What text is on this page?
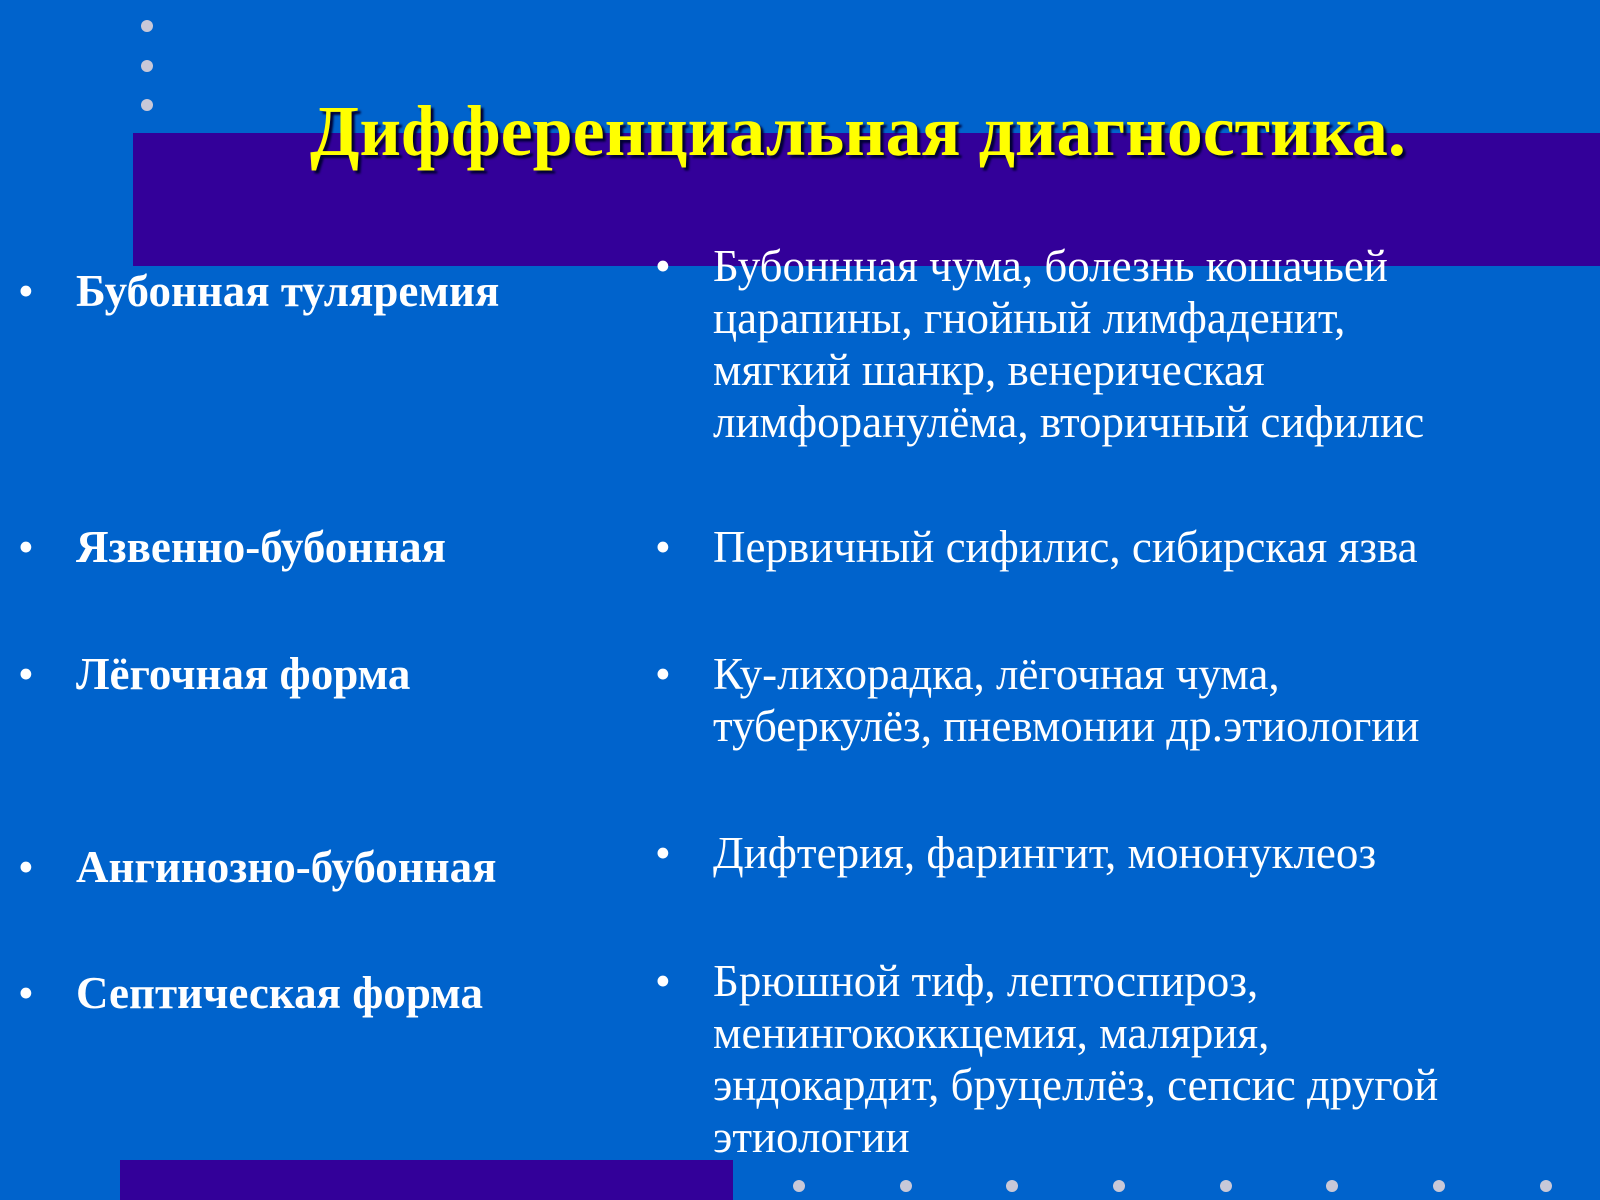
Дифференциальная диагностика.
• Бубонная туляремия
• Язвенно-бубонная
• Лёгочная форма
• Ангинозно-бубонная
• Септическая форма
• Бубоннная чума, болезнь кошачьей
царапины, гнойный лимфаденит,
мягкий шанкр, венерическая
лимфоранулёма, вторичный сифилис
• Первичный сифилис, сибирская язва
• Ку-лихорадка, лёгочная чума,
туберкулёз, пневмонии др.этиологии
• Дифтерия, фарингит, мононуклеоз
• Брюшной тиф, лептоспироз,
менингококкцемия, малярия,
эндокардит, бруцеллёз, сепсис другой
этиологии
